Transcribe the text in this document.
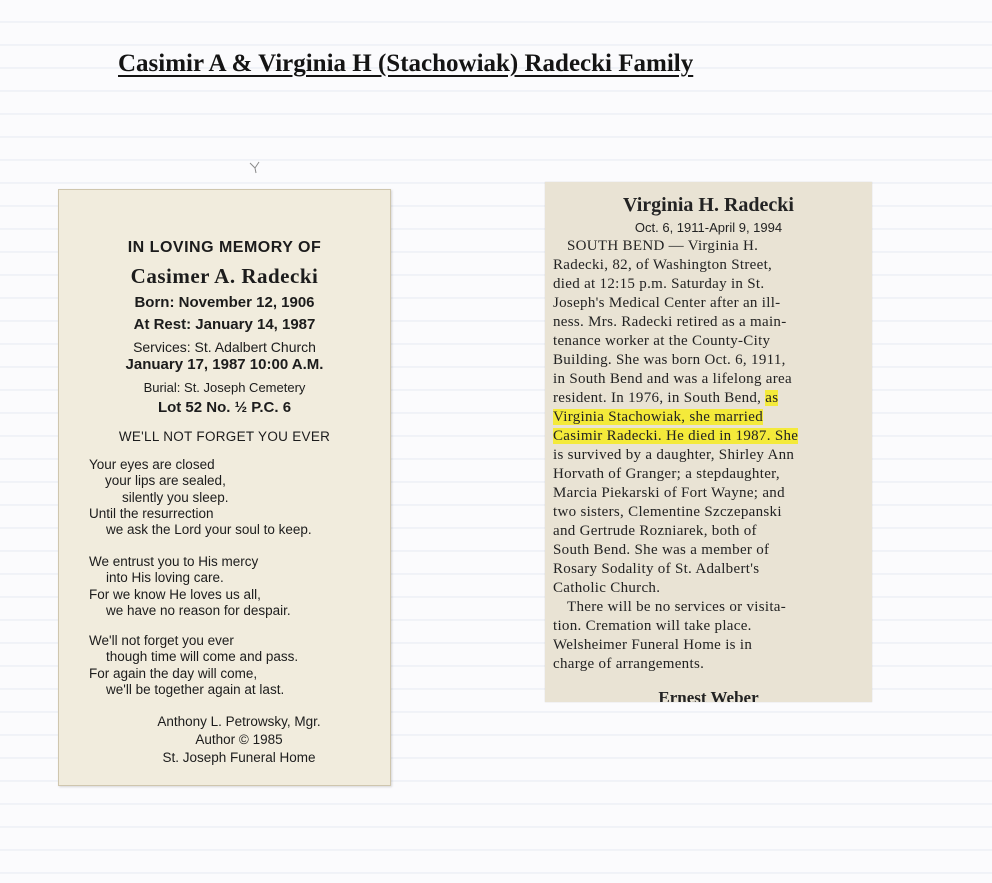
Casimir A & Virginia H (Stachowiak) Radecki Family
IN LOVING MEMORY OF
Casimer A. Radecki
Born: November 12, 1906
At Rest: January 14, 1987
Services: St. Adalbert Church
January 17, 1987 10:00 A.M.
Burial: St. Joseph Cemetery
Lot 52 No. ½ P.C. 6
WE'LL NOT FORGET YOU EVER
Your eyes are closed
your lips are sealed,
silently you sleep.
Until the resurrection
we ask the Lord your soul to keep.
We entrust you to His mercy
into His loving care.
For we know He loves us all,
we have no reason for despair.
We'll not forget you ever
though time will come and pass.
For again the day will come,
we'll be together again at last.
Anthony L. Petrowsky, Mgr.
Author © 1985
St. Joseph Funeral Home
Virginia H. Radecki
Oct. 6, 1911-April 9, 1994
SOUTH BEND — Virginia H.
Radecki, 82, of Washington Street,
died at 12:15 p.m. Saturday in St.
Joseph's Medical Center after an ill-
ness. Mrs. Radecki retired as a main-
tenance worker at the County-City
Building. She was born Oct. 6, 1911,
in South Bend and was a lifelong area
resident. In 1976, in South Bend, as
Virginia Stachowiak, she married
Casimir Radecki. He died in 1987. She
is survived by a daughter, Shirley Ann
Horvath of Granger; a stepdaughter,
Marcia Piekarski of Fort Wayne; and
two sisters, Clementine Szczepanski
and Gertrude Rozniarek, both of
South Bend. She was a member of
Rosary Sodality of St. Adalbert's
Catholic Church.
There will be no services or visita-
tion. Cremation will take place.
Welsheimer Funeral Home is in
charge of arrangements.
Ernest Weber
